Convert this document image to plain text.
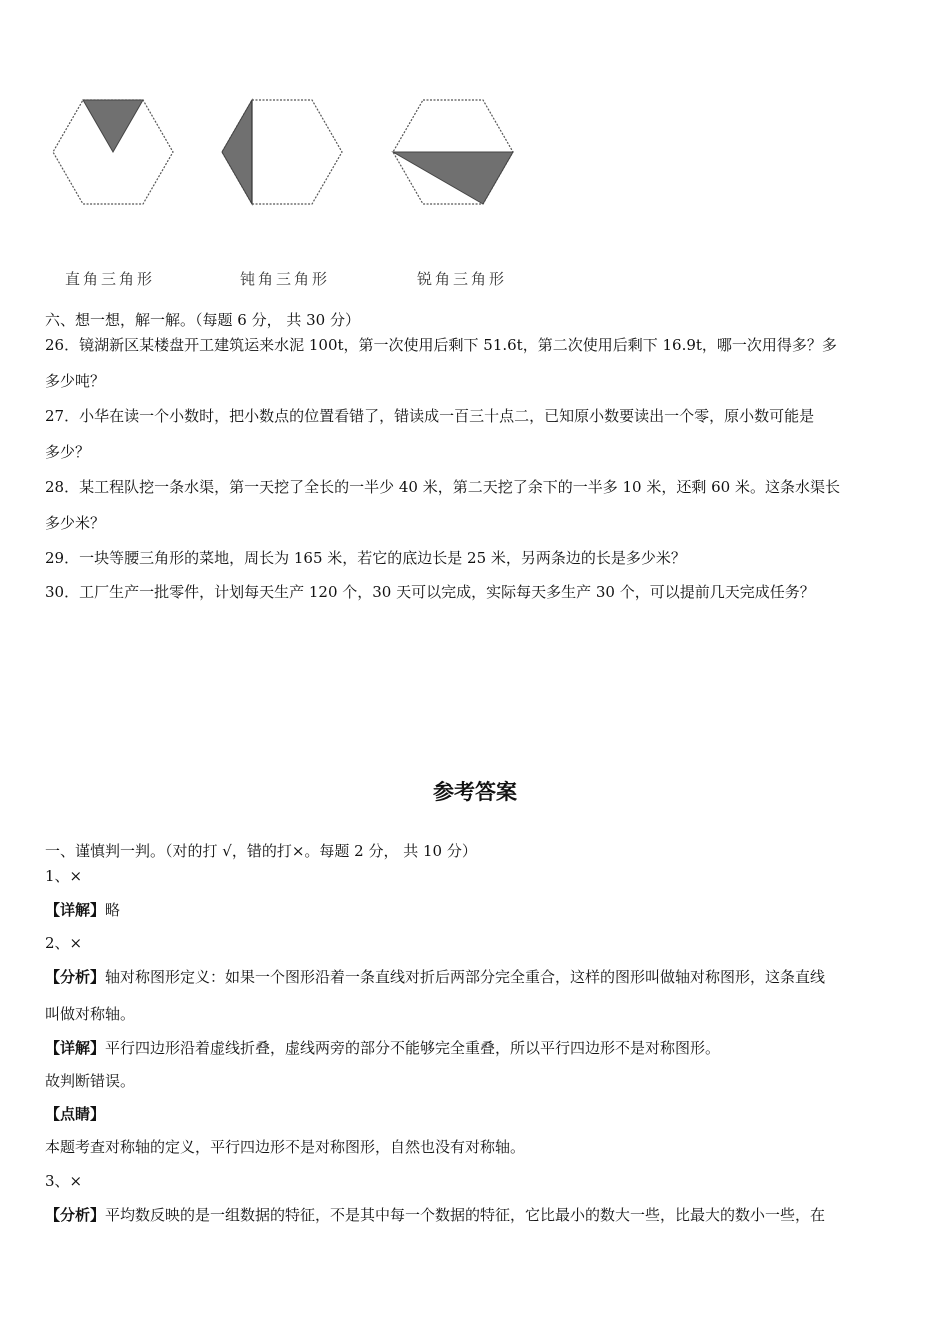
直角三角形	钝角三角形	锐角三角形
六、想一想，解一解。（每题 6 分， 共 30 分）
26．镜湖新区某楼盘开工建筑运来水泥 100t，第一次使用后剩下 51.6t，第二次使用后剩下 16.9t，哪一次用得多？多
多少吨？
27．小华在读一个小数时，把小数点的位置看错了，错读成一百三十点二，已知原小数要读出一个零，原小数可能是
多少？
28．某工程队挖一条水渠，第一天挖了全长的一半少 40 米，第二天挖了余下的一半多 10 米，还剩 60 米。这条水渠长
多少米？
29．一块等腰三角形的菜地，周长为 165 米，若它的底边长是 25 米，另两条边的长是多少米？
30．工厂生产一批零件，计划每天生产 120 个，30 天可以完成，实际每天多生产 30 个，可以提前几天完成任务？
参考答案
一、谨慎判一判。（对的打 √，错的打×。每题 2 分， 共 10 分）
1、×
【详解】略
2、×
【分析】轴对称图形定义：如果一个图形沿着一条直线对折后两部分完全重合，这样的图形叫做轴对称图形，这条直线
叫做对称轴。
【详解】平行四边形沿着虚线折叠，虚线两旁的部分不能够完全重叠，所以平行四边形不是对称图形。
故判断错误。
【点睛】
本题考查对称轴的定义，平行四边形不是对称图形，自然也没有对称轴。
3、×
【分析】平均数反映的是一组数据的特征，不是其中每一个数据的特征，它比最小的数大一些，比最大的数小一些，在
